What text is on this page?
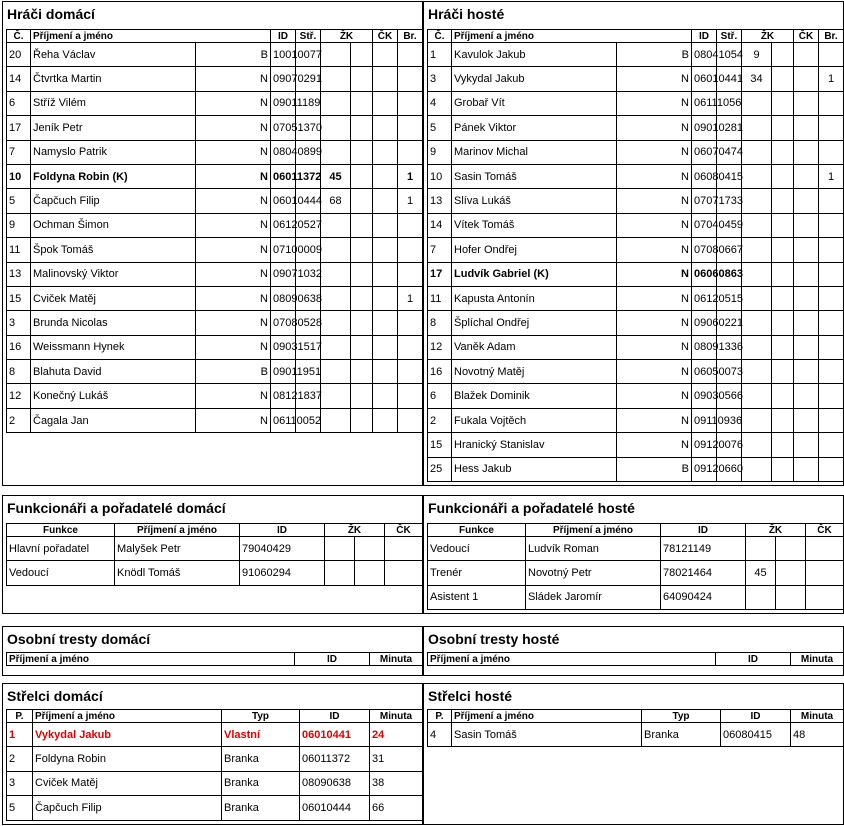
Hráči domácí
Č.	Příjmení a jméno		ID	Stř.	ŽK		ČK	Br.
20	Řeha Václav	B	10010077					
14	Čtvrtka Martin	N	09070291					
6	Stříž Vilém	N	09011189					
17	Jeník Petr	N	07051370					
7	Namyslo Patrik	N	08040899					
10	Foldyna Robin (K)	N	06011372		45			1
5	Čapčuch Filip	N	06010444		68			1
9	Ochman Šimon	N	06120527					
11	Špok Tomáš	N	07100009					
13	Malinovský Viktor	N	09071032					
15	Cviček Matěj	N	08090638					1
3	Brunda Nicolas	N	07080528					
16	Weissmann Hynek	N	09031517					
8	Blahuta David	B	09011951					
12	Konečný Lukáš	N	08121837					
2	Čagala Jan	N	06110052					
Hráči hosté
Č.	Příjmení a jméno		ID	Stř.	ŽK		ČK	Br.
1	Kavulok Jakub	B	08041054		9			
3	Vykydal Jakub	N	06010441		34			1
4	Grobař Vít	N	06111056					
5	Pánek Viktor	N	09010281					
9	Marinov Michal	N	06070474					
10	Sasin Tomáš	N	06080415					1
13	Slíva Lukáš	N	07071733					
14	Vítek Tomáš	N	07040459					
7	Hofer Ondřej	N	07080667					
17	Ludvík Gabriel (K)	N	06060863					
11	Kapusta Antonín	N	06120515					
8	Šplíchal Ondřej	N	09060221					
12	Vaněk Adam	N	08091336					
16	Novotný Matěj	N	06050073					
6	Blažek Dominik	N	09030566					
2	Fukala Vojtěch	N	09110936					
15	Hranický Stanislav	N	09120076					
25	Hess Jakub	B	09120660					
Funkcionáři a pořadatelé domácí
Funkce	Příjmení a jméno	ID	ŽK		ČK
Hlavní pořadatel	Malyšek Petr	79040429			
Vedoucí	Knödl Tomáš	91060294			
Funkcionáři a pořadatelé hosté
Funkce	Příjmení a jméno	ID	ŽK		ČK
Vedoucí	Ludvík Roman	78121149			
Trenér	Novotný Petr	78021464	45		
Asistent 1	Sládek Jaromír	64090424			
Osobní tresty domácí
Příjmení a jméno	ID	Minuta
Osobní tresty hosté
Příjmení a jméno	ID	Minuta
Střelci domácí
P.	Příjmení a jméno	Typ	ID	Minuta
1	Vykydal Jakub	Vlastní	06010441	24
2	Foldyna Robin	Branka	06011372	31
3	Cviček Matěj	Branka	08090638	38
5	Čapčuch Filip	Branka	06010444	66
Střelci hosté
P.	Příjmení a jméno	Typ	ID	Minuta
4	Sasin Tomáš	Branka	06080415	48
